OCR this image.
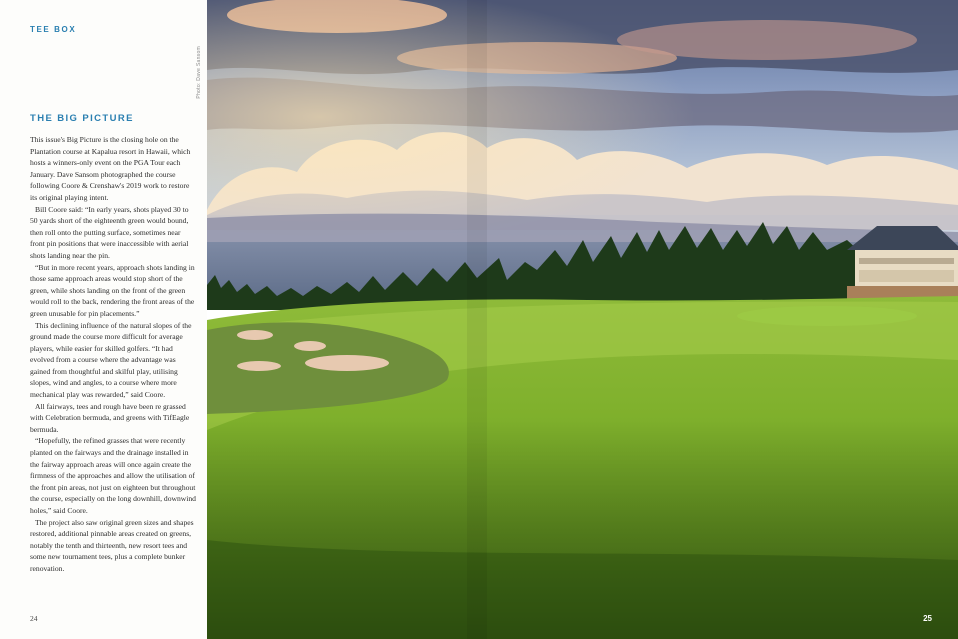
TEE BOX
THE BIG PICTURE

This issue's Big Picture is the closing hole on the Plantation course at Kapalua resort in Hawaii, which hosts a winners-only event on the PGA Tour each January. Dave Sansom photographed the course following Coore & Crenshaw's 2019 work to restore its original playing intent.

Bill Coore said: “In early years, shots played 30 to 50 yards short of the eighteenth green would bound, then roll onto the putting surface, sometimes near front pin positions that were inaccessible with aerial shots landing near the pin.

“But in more recent years, approach shots landing in those same approach areas would stop short of the green, while shots landing on the front of the green would roll to the back, rendering the front areas of the green unusable for pin placements.”

This declining influence of the natural slopes of the ground made the course more difficult for average players, while easier for skilled golfers. “It had evolved from a course where the advantage was gained from thoughtful and skilful play, utilising slopes, wind and angles, to a course where more mechanical play was rewarded,” said Coore.

All fairways, tees and rough have been re grassed with Celebration bermuda, and greens with TifEagle bermuda.

“Hopefully, the refined grasses that were recently planted on the fairways and the drainage installed in the fairway approach areas will once again create the firmness of the approaches and allow the utilisation of the front pin areas, not just on eighteen but throughout the course, especially on the long downhill, downwind holes,” said Coore.

The project also saw original green sizes and shapes restored, additional pinnable areas created on greens, notably the tenth and thirteenth, new resort tees and some new tournament tees, plus a complete bunker renovation.

24
Photo: Dave Sansom
25
